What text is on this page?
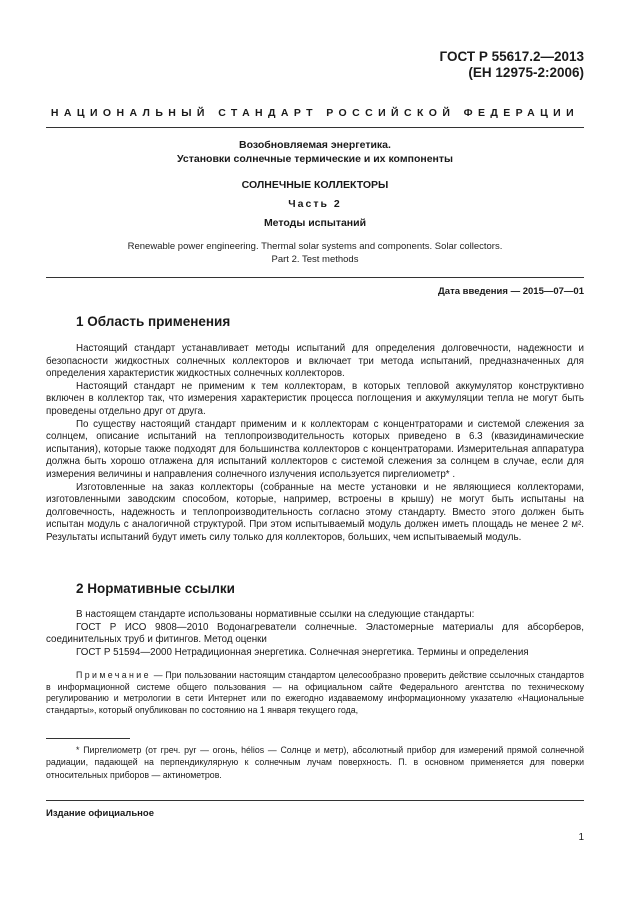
ГОСТ Р 55617.2—2013
(ЕН 12975-2:2006)
НАЦИОНАЛЬНЫЙ СТАНДАРТ РОССИЙСКОЙ ФЕДЕРАЦИИ
Возобновляемая энергетика.
Установки солнечные термические и их компоненты
СОЛНЕЧНЫЕ КОЛЛЕКТОРЫ
Часть 2
Методы испытаний
Renewable power engineering. Thermal solar systems and components. Solar collectors.
Part 2. Test methods
Дата введения — 2015—07—01
1 Область применения

Настоящий стандарт устанавливает методы испытаний для определения долговечности, надежности и безопасности жидкостных солнечных коллекторов и включает три метода испытаний, предназначенных для определения характеристик жидкостных солнечных коллекторов.

Настоящий стандарт не применим к тем коллекторам, в которых тепловой аккумулятор конструктивно включен в коллектор так, что измерения характеристик процесса поглощения и аккумуляции тепла не могут быть проведены отдельно друг от друга.

По существу настоящий стандарт применим и к коллекторам с концентраторами и системой слежения за солнцем, описание испытаний на теплопроизводительность которых приведено в 6.3 (квазидинамические испытания), которые также подходят для большинства коллекторов с концентраторами. Измерительная аппаратура должна быть хорошо отлажена для испытаний коллекторов с системой слежения за солнцем в случае, если для измерения величины и направления солнечного излучения используется пиргелиометр* .

Изготовленные на заказ коллекторы (собранные на месте установки и не являющиеся коллекторами, изготовленными заводским способом, которые, например, встроены в крышу) не могут быть испытаны на долговечность, надежность и теплопроизводительность согласно этому стандарту. Вместо этого должен быть испытан модуль с аналогичной структурой. При этом испытываемый модуль должен иметь площадь не менее 2 м². Результаты испытаний будут иметь силу только для коллекторов, больших, чем испытываемый модуль.

2 Нормативные ссылки

В настоящем стандарте использованы нормативные ссылки на следующие стандарты:

ГОСТ Р ИСО 9808—2010 Водонагреватели солнечные. Эластомерные материалы для абсорберов, соединительных труб и фитингов. Метод оценки

ГОСТ Р 51594—2000 Нетрадиционная энергетика. Солнечная энергетика. Термины и определения

Примечание — При пользовании настоящим стандартом целесообразно проверить действие ссылочных стандартов в информационной системе общего пользования — на официальном сайте Федерального агентства по техническому регулированию и метрологии в сети Интернет или по ежегодно издаваемому информационному указателю «Национальные стандарты», который опубликован по состоянию на 1 января текущего года,

* Пиргелиометр (от греч. pyr — огонь, hélios — Солнце и метр), абсолютный прибор для измерений прямой солнечной радиации, падающей на перпендикулярную к солнечным лучам поверхность. П. в основном применяется для поверки относительных приборов — актинометров.

Издание официальное
1
